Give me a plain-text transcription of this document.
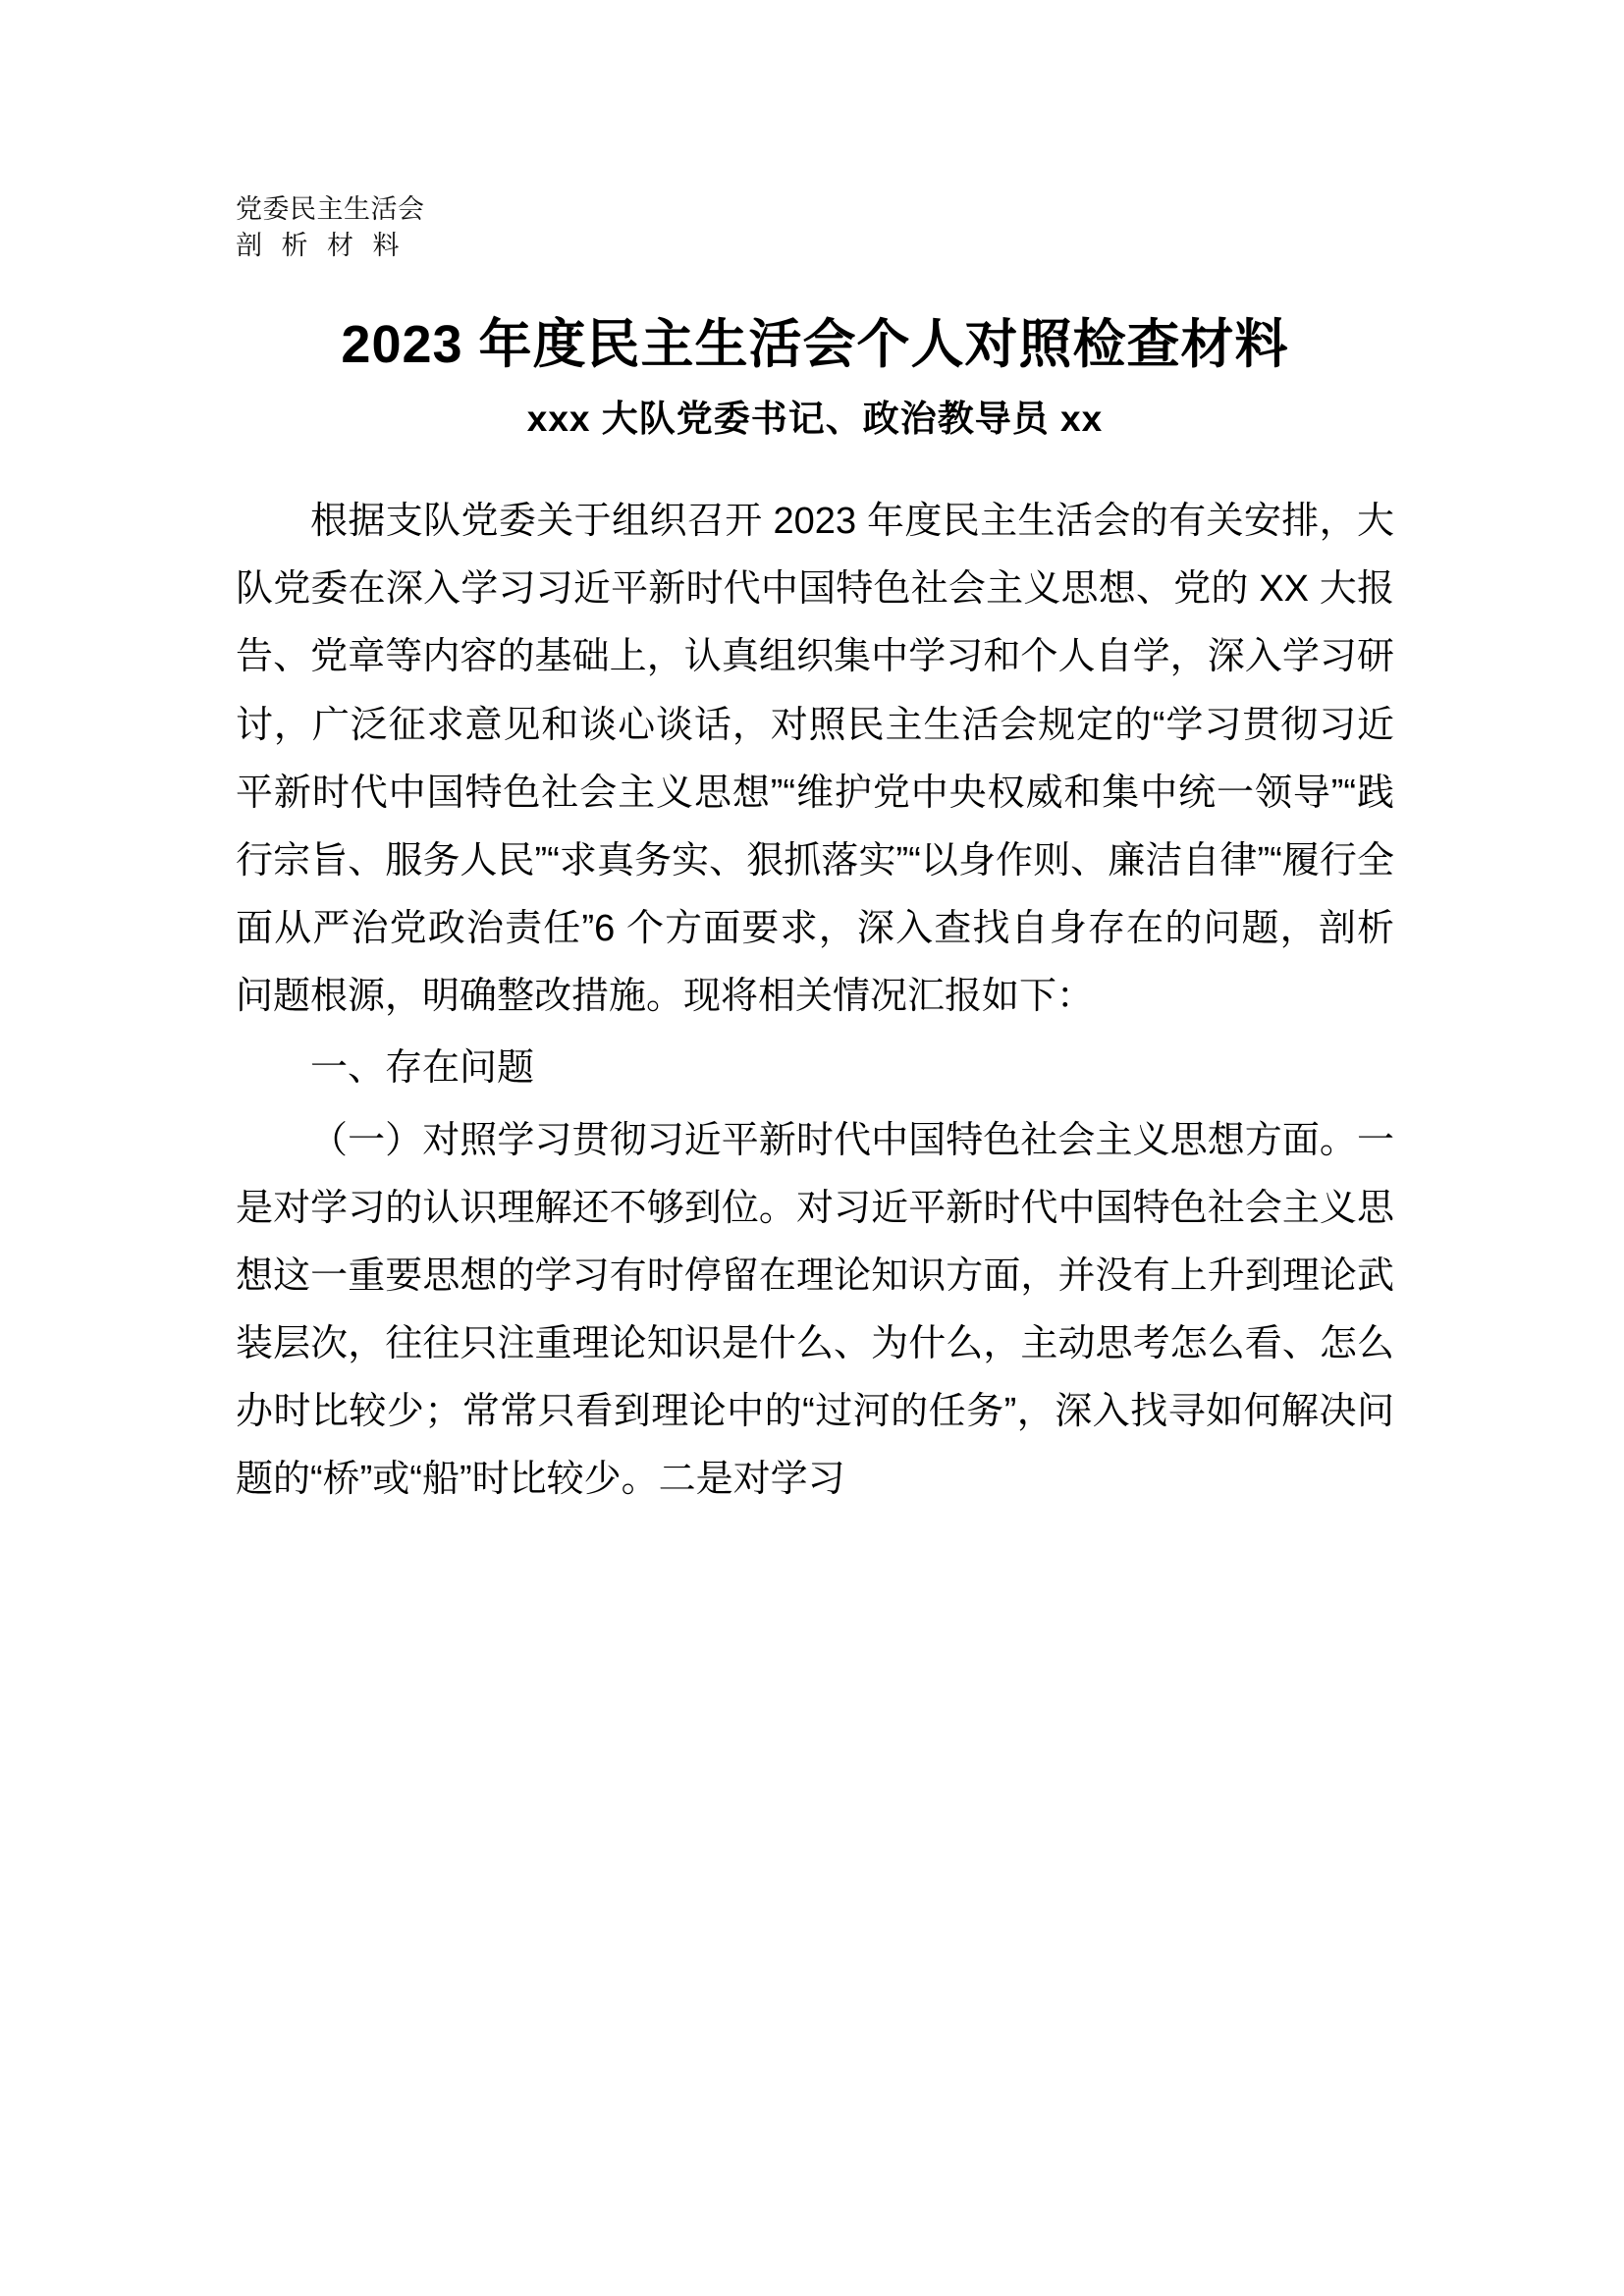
党委民主生活会
剖 析 材 料
2023 年度民主生活会个人对照检查材料
xxx 大队党委书记、政治教导员 xx

根据支队党委关于组织召开 2023 年度民主生活会的有关安排，大队党委在深入学习习近平新时代中国特色社会主义思想、党的 XX 大报告、党章等内容的基础上，认真组织集中学习和个人自学，深入学习研讨，广泛征求意见和谈心谈话，对照民主生活会规定的“学习贯彻习近平新时代中国特色社会主义思想”“维护党中央权威和集中统一领导”“践行宗旨、服务人民”“求真务实、狠抓落实”“以身作则、廉洁自律”“履行全面从严治党政治责任”6 个方面要求，深入查找自身存在的问题，剖析问题根源，明确整改措施。现将相关情况汇报如下：

一、存在问题

（一）对照学习贯彻习近平新时代中国特色社会主义思想方面。一是对学习的认识理解还不够到位。对习近平新时代中国特色社会主义思想这一重要思想的学习有时停留在理论知识方面，并没有上升到理论武装层次，往往只注重理论知识是什么、为什么，主动思考怎么看、怎么办时比较少；常常只看到理论中的“过河的任务”，深入找寻如何解决问题的“桥”或“船”时比较少。二是对学习
